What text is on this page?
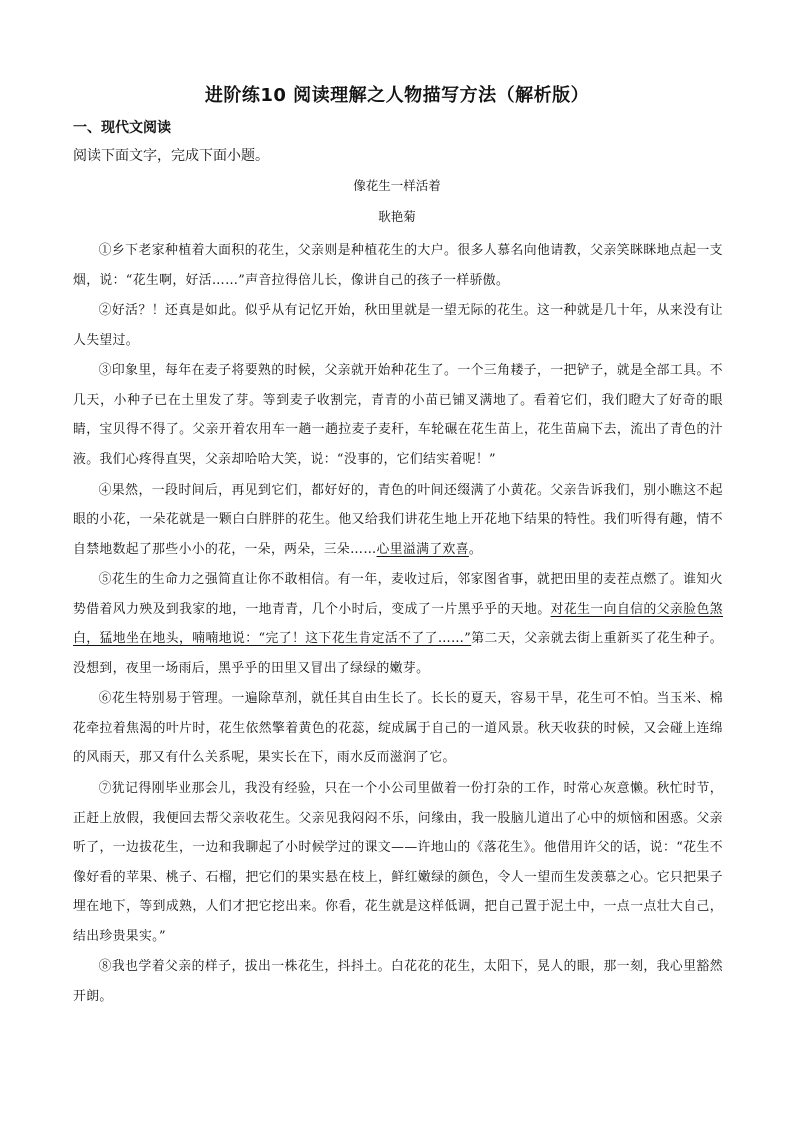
进阶练10 阅读理解之人物描写方法（解析版）
一、现代文阅读
阅读下面文字，完成下面小题。
像花生一样活着
耿艳菊

①乡下老家种植着大面积的花生，父亲则是种植花生的大户。很多人慕名向他请教，父亲笑眯眯地点起一支烟，说：“花生啊，好活……”声音拉得倍儿长，像讲自己的孩子一样骄傲。

②好活？！还真是如此。似乎从有记忆开始，秋田里就是一望无际的花生。这一种就是几十年，从来没有让人失望过。

③印象里，每年在麦子将要熟的时候，父亲就开始种花生了。一个三角耧子，一把铲子，就是全部工具。不几天，小种子已在土里发了芽。等到麦子收割完，青青的小苗已铺叉满地了。看着它们，我们瞪大了好奇的眼睛，宝贝得不得了。父亲开着农用车一趟一趟拉麦子麦秆，车轮碾在花生苗上，花生苗扁下去，流出了青色的汁液。我们心疼得直哭，父亲却哈哈大笑，说：“没事的，它们结实着呢！”

④果然，一段时间后，再见到它们，都好好的，青色的叶间还缀满了小黄花。父亲告诉我们，别小瞧这不起眼的小花，一朵花就是一颗白白胖胖的花生。他又给我们讲花生地上开花地下结果的特性。我们听得有趣，情不自禁地数起了那些小小的花，一朵，两朵，三朵……心里溢满了欢喜。

⑤花生的生命力之强简直让你不敢相信。有一年，麦收过后，邻家图省事，就把田里的麦茬点燃了。谁知火势借着风力殃及到我家的地，一地青青，几个小时后，变成了一片黑乎乎的天地。对花生一向自信的父亲脸色煞白，猛地坐在地头，喃喃地说：“完了！这下花生肯定活不了了……”第二天，父亲就去街上重新买了花生种子。没想到，夜里一场雨后，黑乎乎的田里又冒出了绿绿的嫩芽。

⑥花生特别易于管理。一遍除草剂，就任其自由生长了。长长的夏天，容易干旱，花生可不怕。当玉米、棉花牵拉着焦渴的叶片时，花生依然擎着黄色的花蕊，绽成属于自己的一道风景。秋天收获的时候，又会碰上连绵的风雨天，那又有什么关系呢，果实长在下，雨水反而滋润了它。

⑦犹记得刚毕业那会儿，我没有经验，只在一个小公司里做着一份打杂的工作，时常心灰意懒。秋忙时节，正赶上放假，我便回去帮父亲收花生。父亲见我闷闷不乐，问缘由，我一股脑儿道出了心中的烦恼和困惑。父亲听了，一边拔花生，一边和我聊起了小时候学过的课文——许地山的《落花生》。他借用许父的话，说：“花生不像好看的苹果、桃子、石榴，把它们的果实悬在枝上，鲜红嫩绿的颜色，令人一望而生发羡慕之心。它只把果子埋在地下，等到成熟，人们才把它挖出来。你看，花生就是这样低调，把自己置于泥土中，一点一点壮大自己，结出珍贵果实。”

⑧我也学着父亲的样子，拔出一株花生，抖抖土。白花花的花生，太阳下，晃人的眼，那一刻，我心里豁然开朗。
